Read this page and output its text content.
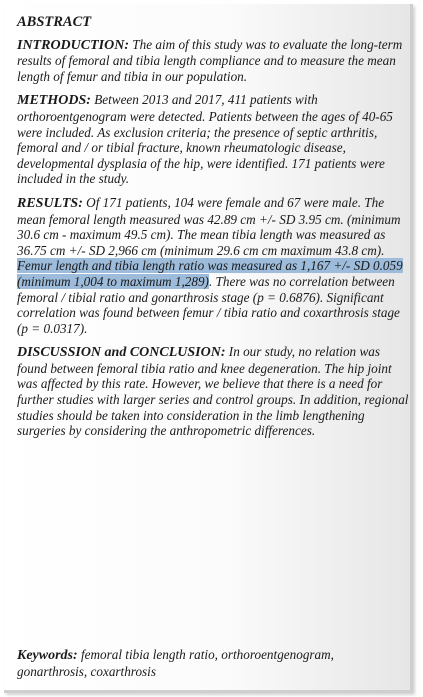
ABSTRACT

INTRODUCTION: The aim of this study was to evaluate the long-term results of femoral and tibia length compliance and to measure the mean length of femur and tibia in our population.

METHODS: Between 2013 and 2017, 411 patients with orthoroentgenogram were detected. Patients between the ages of 40-65 were included. As exclusion criteria; the presence of septic arthritis, femoral and / or tibial fracture, known rheumatologic disease, developmental dysplasia of the hip, were identified. 171 patients were included in the study.

RESULTS: Of 171 patients, 104 were female and 67 were male. The mean femoral length measured was 42.89 cm +/- SD 3.95 cm. (minimum 30.6 cm - maximum 49.5 cm). The mean tibia length was measured as 36.75 cm +/- SD 2,966 cm (minimum 29.6 cm cm maximum 43.8 cm). Femur length and tibia length ratio was measured as 1,167 +/- SD 0.059 (minimum 1,004 to maximum 1,289). There was no correlation between femoral / tibial ratio and gonarthrosis stage (p = 0.6876). Significant correlation was found between femur / tibia ratio and coxarthrosis stage (p = 0.0317).

DISCUSSION and CONCLUSION: In our study, no relation was found between femoral tibia ratio and knee degeneration. The hip joint was affected by this rate. However, we believe that there is a need for further studies with larger series and control groups. In addition, regional studies should be taken into consideration in the limb lengthening surgeries by considering the anthropometric differences.

Keywords: femoral tibia length ratio, orthoroentgenogram, gonarthrosis, coxarthrosis
